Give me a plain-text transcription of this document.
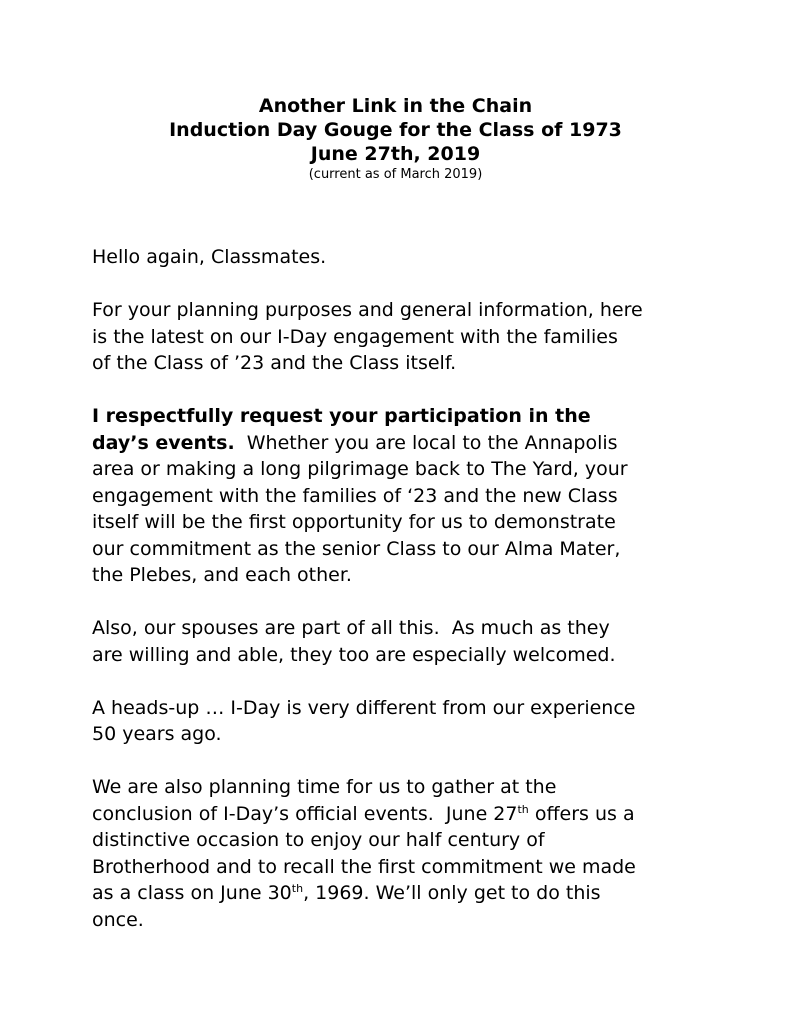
Another Link in the Chain
Induction Day Gouge for the Class of 1973
June 27th, 2019
(current as of March 2019)

Hello again, Classmates.

For your planning purposes and general information, here
is the latest on our I-Day engagement with the families
of the Class of ’23 and the Class itself.

I respectfully request your participation in the
day’s events.  Whether you are local to the Annapolis
area or making a long pilgrimage back to The Yard, your
engagement with the families of ‘23 and the new Class
itself will be the first opportunity for us to demonstrate
our commitment as the senior Class to our Alma Mater,
the Plebes, and each other.

Also, our spouses are part of all this.  As much as they
are willing and able, they too are especially welcomed.

A heads-up … I-Day is very different from our experience
50 years ago.

We are also planning time for us to gather at the
conclusion of I-Day’s official events.  June 27th offers us a
distinctive occasion to enjoy our half century of
Brotherhood and to recall the first commitment we made
as a class on June 30th, 1969. We’ll only get to do this
once.
